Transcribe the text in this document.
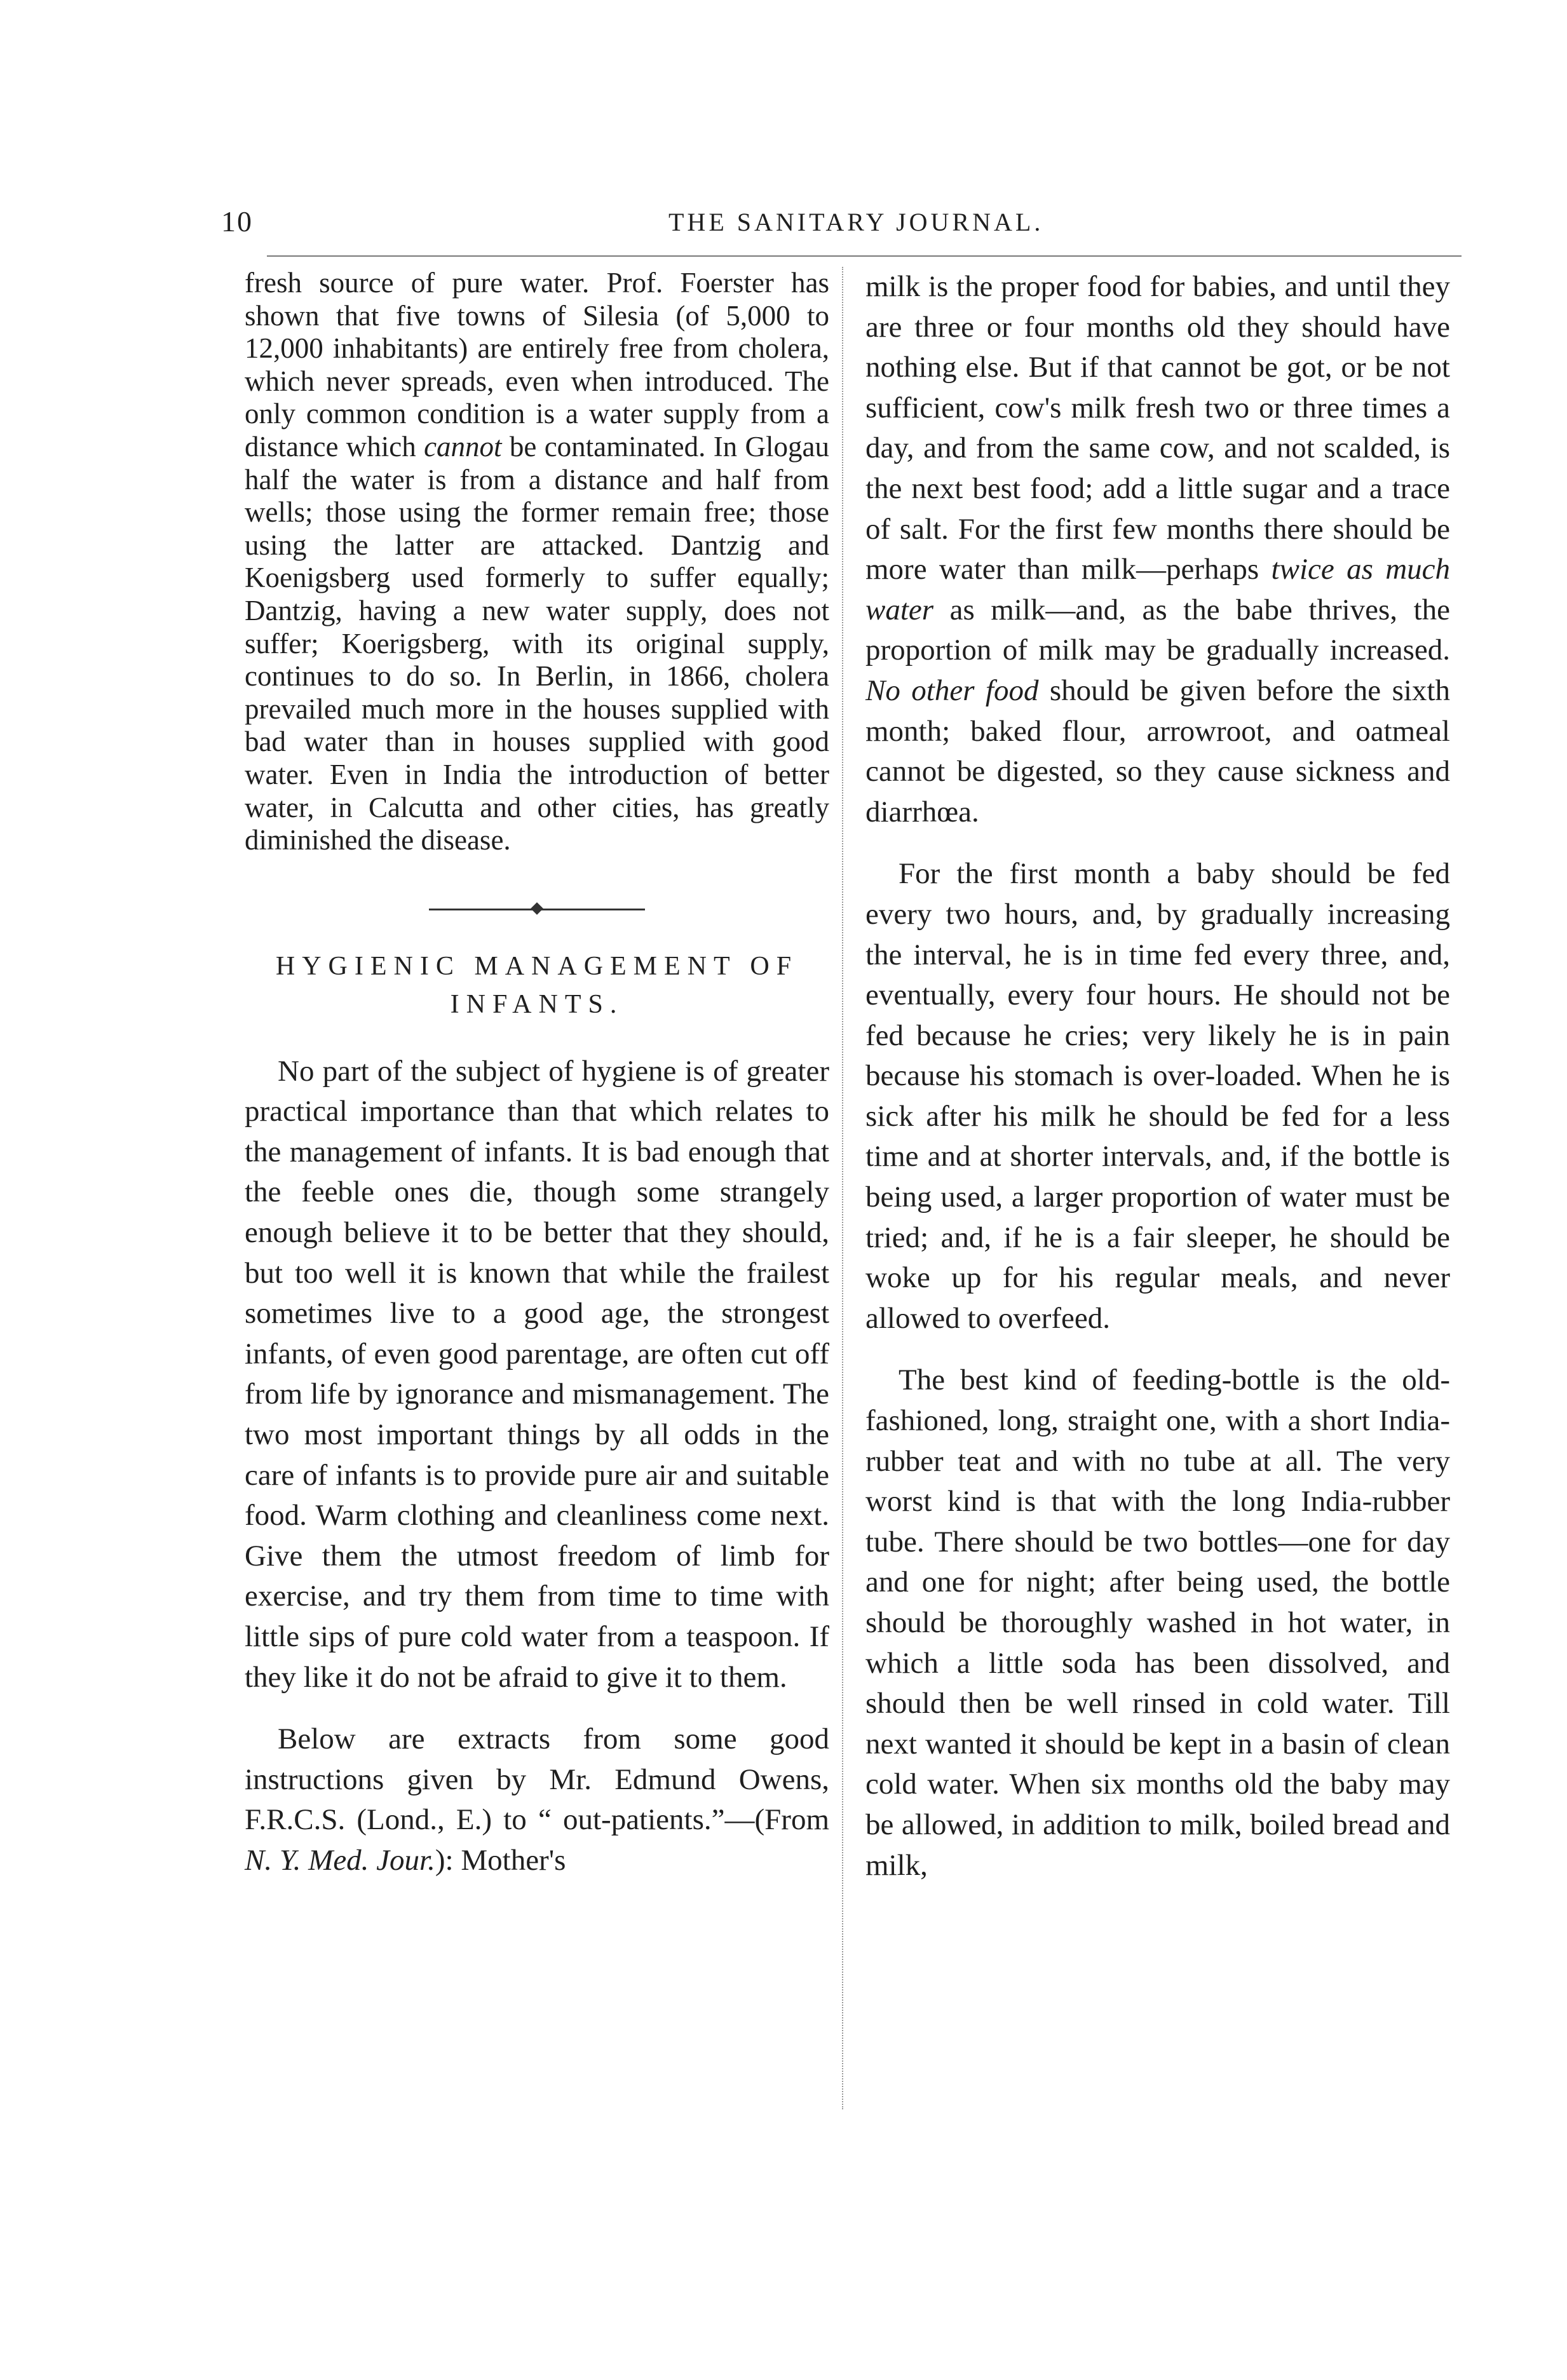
10	THE SANITARY JOURNAL.

fresh source of pure water. Prof. Foerster has shown that five towns of Silesia (of 5,000 to 12,000 inhabitants) are entirely free from cholera, which never spreads, even when introduced. The only common condition is a water supply from a distance which cannot be contaminated. In Glogau half the water is from a distance and half from wells; those using the former remain free; those using the latter are attacked. Dantzig and Koenigsberg used formerly to suffer equally; Dantzig, having a new water supply, does not suffer; Koerigsberg, with its original supply, continues to do so. In Berlin, in 1866, cholera prevailed much more in the houses supplied with bad water than in houses supplied with good water. Even in India the introduction of better water, in Calcutta and other cities, has greatly diminished the disease.

HYGIENIC MANAGEMENT OF INFANTS.

No part of the subject of hygiene is of greater practical importance than that which relates to the management of infants. It is bad enough that the feeble ones die, though some strangely enough believe it to be better that they should, but too well it is known that while the frailest sometimes live to a good age, the strongest infants, of even good parentage, are often cut off from life by ignorance and mismanagement. The two most important things by all odds in the care of infants is to provide pure air and suitable food. Warm clothing and cleanliness come next. Give them the utmost freedom of limb for exercise, and try them from time to time with little sips of pure cold water from a teaspoon. If they like it do not be afraid to give it to them.

Below are extracts from some good instructions given by Mr. Edmund Owens, F.R.C.S. (Lond., E.) to “ out-patients.”—(From N. Y. Med. Jour.): Mother's

milk is the proper food for babies, and until they are three or four months old they should have nothing else. But if that cannot be got, or be not sufficient, cow's milk fresh two or three times a day, and from the same cow, and not scalded, is the next best food; add a little sugar and a trace of salt. For the first few months there should be more water than milk—perhaps twice as much water as milk—and, as the babe thrives, the proportion of milk may be gradually increased. No other food should be given before the sixth month; baked flour, arrowroot, and oatmeal cannot be digested, so they cause sickness and diarrhœa.

For the first month a baby should be fed every two hours, and, by gradually increasing the interval, he is in time fed every three, and, eventually, every four hours. He should not be fed because he cries; very likely he is in pain because his stomach is over-loaded. When he is sick after his milk he should be fed for a less time and at shorter intervals, and, if the bottle is being used, a larger proportion of water must be tried; and, if he is a fair sleeper, he should be woke up for his regular meals, and never allowed to overfeed.

The best kind of feeding-bottle is the old-fashioned, long, straight one, with a short India-rubber teat and with no tube at all. The very worst kind is that with the long India-rubber tube. There should be two bottles—one for day and one for night; after being used, the bottle should be thoroughly washed in hot water, in which a little soda has been dissolved, and should then be well rinsed in cold water. Till next wanted it should be kept in a basin of clean cold water. When six months old the baby may be allowed, in addition to milk, boiled bread and milk,
